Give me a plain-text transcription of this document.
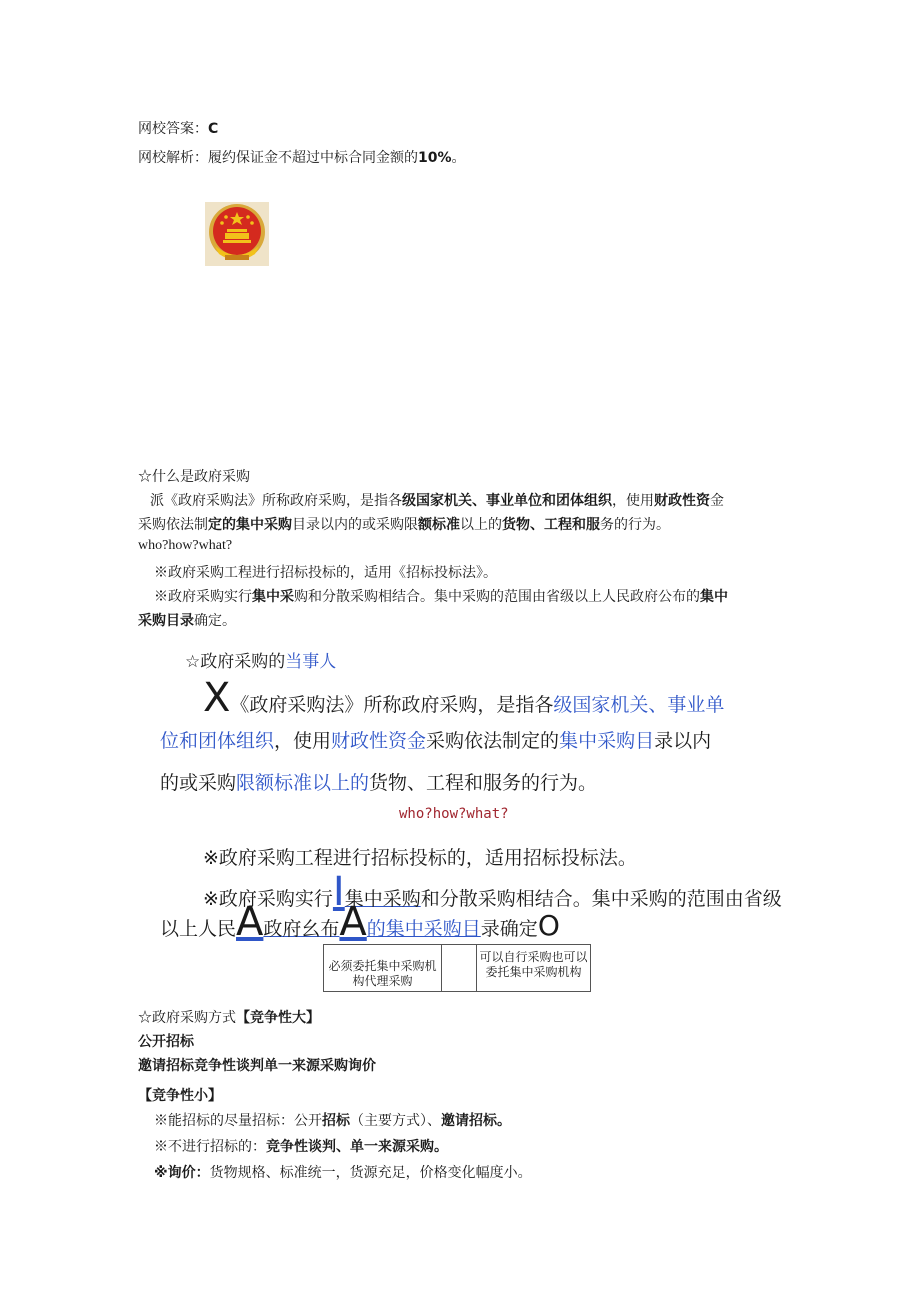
网校答案：C
网校解析：履约保证金不超过中标合同金额的10%。
☆什么是政府采购
派《政府采购法》所称政府采购，是指各级国家机关、事业单位和团体组织，使用财政性资金
采购依法制定的集中采购目录以内的或采购限额标准以上的货物、工程和服务的行为。
who?how?what?
※政府采购工程进行招标投标的，适用《招标投标法》。
※政府采购实行集中采购和分散采购相结合。集中采购的范围由省级以上人民政府公布的集中
采购目录确定。
☆政府采购的当事人
X《政府采购法》所称政府采购，是指各级国家机关、事业单
位和团体组织，使用财政性资金采购依法制定的集中采购目录以内
的或采购限额标准以上的货物、工程和服务的行为。
who?how?what?
※政府采购工程进行招标投标的，适用招标投标法。
※政府采购实行I集中采购和分散采购相结合。集中采购的范围由省级
以上人民A政府幺布A的集中采购目录确定O
必须委托集中采购机构代理采购
可以自行采购也可以委托集中采购机构
☆政府采购方式【竞争性大】
公开招标
邀请招标竞争性谈判单一来源采购询价
【竞争性小】
※能招标的尽量招标：公开招标（主要方式）、邀请招标。
※不进行招标的：竞争性谈判、单一来源采购。
※询价：货物规格、标准统一，货源充足，价格变化幅度小。
